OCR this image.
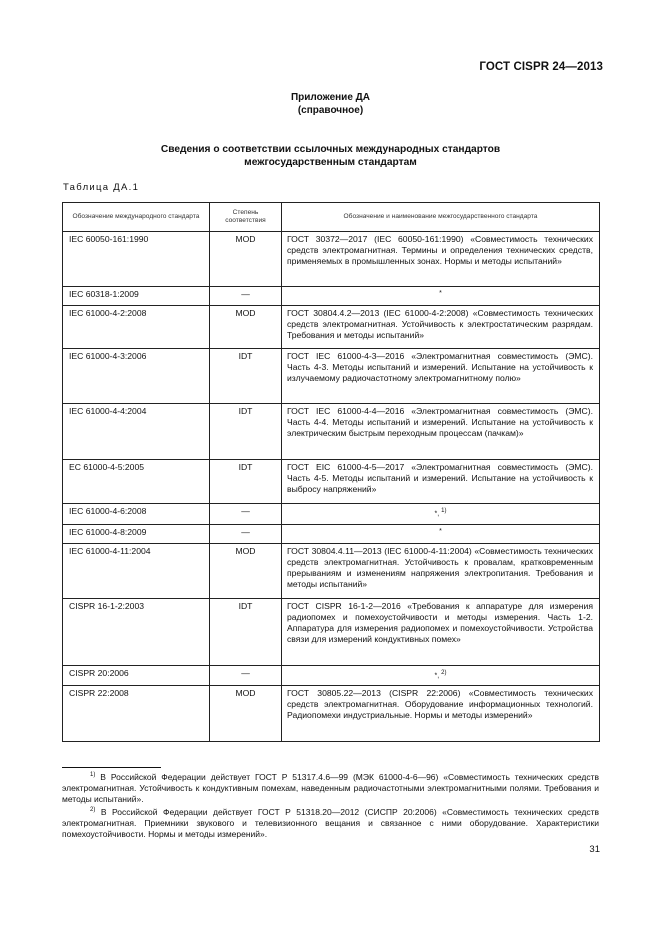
ГОСТ CISPR 24—2013
Приложение ДА
(справочное)
Сведения о соответствии ссылочных международных стандартов
межгосударственным стандартам
Таблица ДА.1
Обозначение международного стандарта	Степень соответствия	Обозначение и наименование межгосударственного стандарта
IEC 60050-161:1990	MOD	ГОСТ 30372—2017 (IEC 60050-161:1990) «Совместимость технических средств электромагнитная. Термины и определения технических средств, применяемых в промышленных зонах. Нормы и методы испытаний»
IEC 60318-1:2009	—	*
IEC 61000-4-2:2008	MOD	ГОСТ 30804.4.2—2013 (IEC 61000-4-2:2008) «Совместимость технических средств электромагнитная. Устойчивость к электростатическим разрядам. Требования и методы испытаний»
IEC 61000-4-3:2006	IDT	ГОСТ IEC 61000-4-3—2016 «Электромагнитная совместимость (ЭМС). Часть 4-3. Методы испытаний и измерений. Испытание на устойчивость к излучаемому радиочастотному электромагнитному полю»
IEC 61000-4-4:2004	IDT	ГОСТ IEC 61000-4-4—2016 «Электромагнитная совместимость (ЭМС). Часть 4-4. Методы испытаний и измерений. Испытание на устойчивость к электрическим быстрым переходным процессам (пачкам)»
EC 61000-4-5:2005	IDT	ГОСТ EIC 61000-4-5—2017 «Электромагнитная совместимость (ЭМС). Часть 4-5. Методы испытаний и измерений. Испытание на устойчивость к выбросу напряжений»
IEC 61000-4-6:2008	—	*, $^{1)}$
IEC 61000-4-8:2009	—	*
IEC 61000-4-11:2004	MOD	ГОСТ 30804.4.11—2013 (IEC 61000-4-11:2004) «Совместимость технических средств электромагнитная. Устойчивость к провалам, кратковременным прерываниям и изменениям напряжения электропитания. Требования и методы испытаний»
CISPR 16-1-2:2003	IDT	ГОСТ CISPR 16-1-2—2016 «Требования к аппаратуре для измерения радиопомех и помехоустойчивости и методы измерения. Часть 1-2. Аппаратура для измерения радиопомех и помехоустойчивости. Устройства связи для измерений кондуктивных помех»
CISPR 20:2006	—	*, $^{2)}$
CISPR 22:2008	MOD	ГОСТ 30805.22—2013 (CISPR 22:2006) «Совместимость технических средств электромагнитная. Оборудование информационных технологий. Радиопомехи индустриальные. Нормы и методы измерений»
$^{1)}$ В Российской Федерации действует ГОСТ Р 51317.4.6—99 (МЭК 61000-4-6—96) «Совместимость технических средств электромагнитная. Устойчивость к кондуктивным помехам, наведенным радиочастотными электромагнитными полями. Требования и методы испытаний».
$^{2)}$ В Российской Федерации действует ГОСТ Р 51318.20—2012 (СИСПР 20:2006) «Совместимость технических средств электромагнитная. Приемники звукового и телевизионного вещания и связанное с ними оборудование. Характеристики помехоустойчивости. Нормы и методы измерений».
31
